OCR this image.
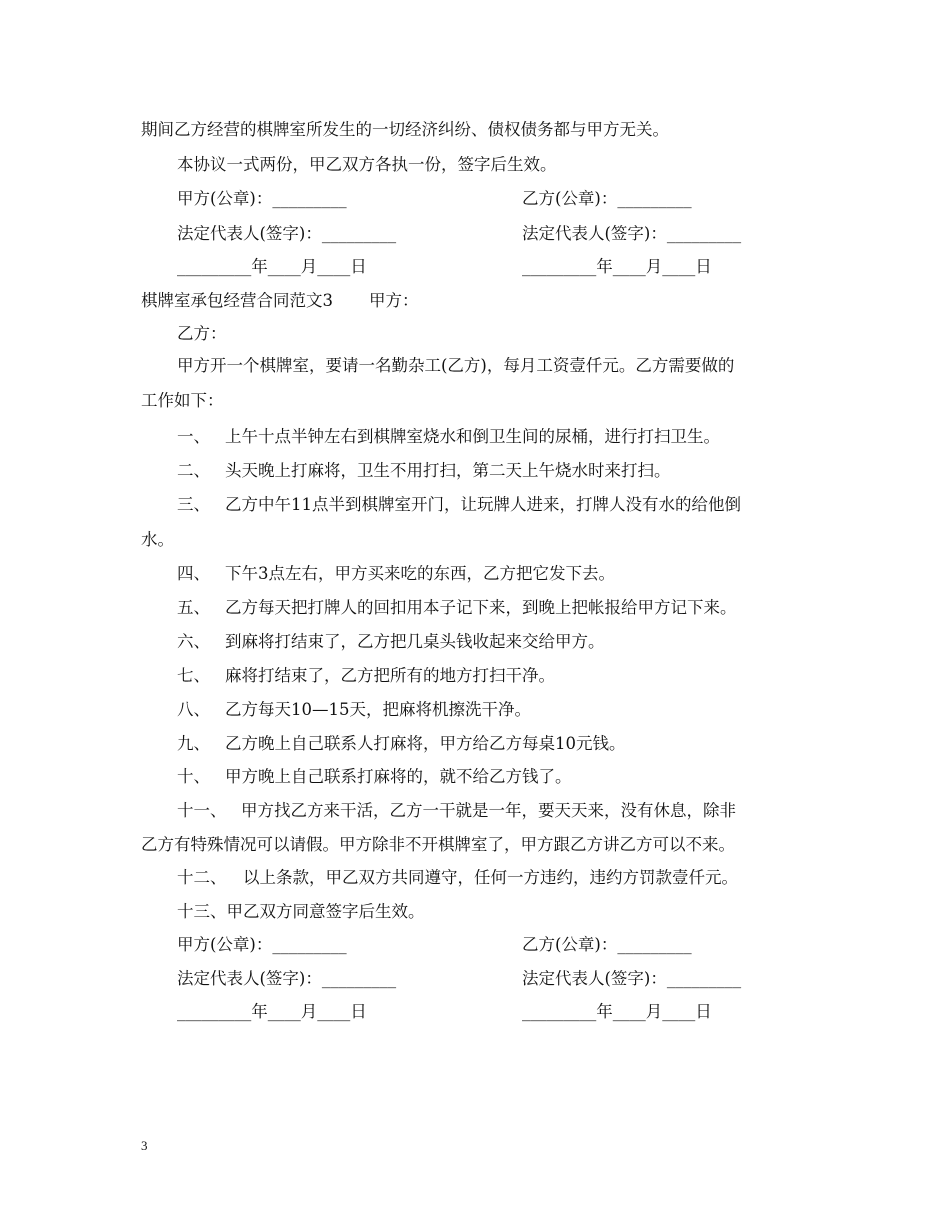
期间乙方经营的棋牌室所发生的一切经济纠纷、债权债务都与甲方无关。

本协议一式两份，甲乙双方各执一份，签字后生效。

甲方(公章)：_________	乙方(公章)：_________

法定代表人(签字)：_________	法定代表人(签字)：_________

_________年____月____日	_________年____月____日

棋牌室承包经营合同范文3 甲方：

乙方：

甲方开一个棋牌室，要请一名勤杂工(乙方)，每月工资壹仟元。乙方需要做的

工作如下：

一、 上午十点半钟左右到棋牌室烧水和倒卫生间的尿桶，进行打扫卫生。

二、 头天晚上打麻将，卫生不用打扫，第二天上午烧水时来打扫。

三、 乙方中午11点半到棋牌室开门，让玩牌人进来，打牌人没有水的给他倒

水。

四、 下午3点左右，甲方买来吃的东西，乙方把它发下去。

五、 乙方每天把打牌人的回扣用本子记下来，到晚上把帐报给甲方记下来。

六、 到麻将打结束了，乙方把几桌头钱收起来交给甲方。

七、 麻将打结束了，乙方把所有的地方打扫干净。

八、 乙方每天10—15天，把麻将机擦洗干净。

九、 乙方晚上自己联系人打麻将，甲方给乙方每桌10元钱。

十、 甲方晚上自己联系打麻将的，就不给乙方钱了。

十一、 甲方找乙方来干活，乙方一干就是一年，要天天来，没有休息，除非

乙方有特殊情况可以请假。甲方除非不开棋牌室了，甲方跟乙方讲乙方可以不来。

十二、 以上条款，甲乙双方共同遵守，任何一方违约，违约方罚款壹仟元。

十三、甲乙双方同意签字后生效。

甲方(公章)：_________	乙方(公章)：_________

法定代表人(签字)：_________	法定代表人(签字)：_________

_________年____月____日	_________年____月____日

3
